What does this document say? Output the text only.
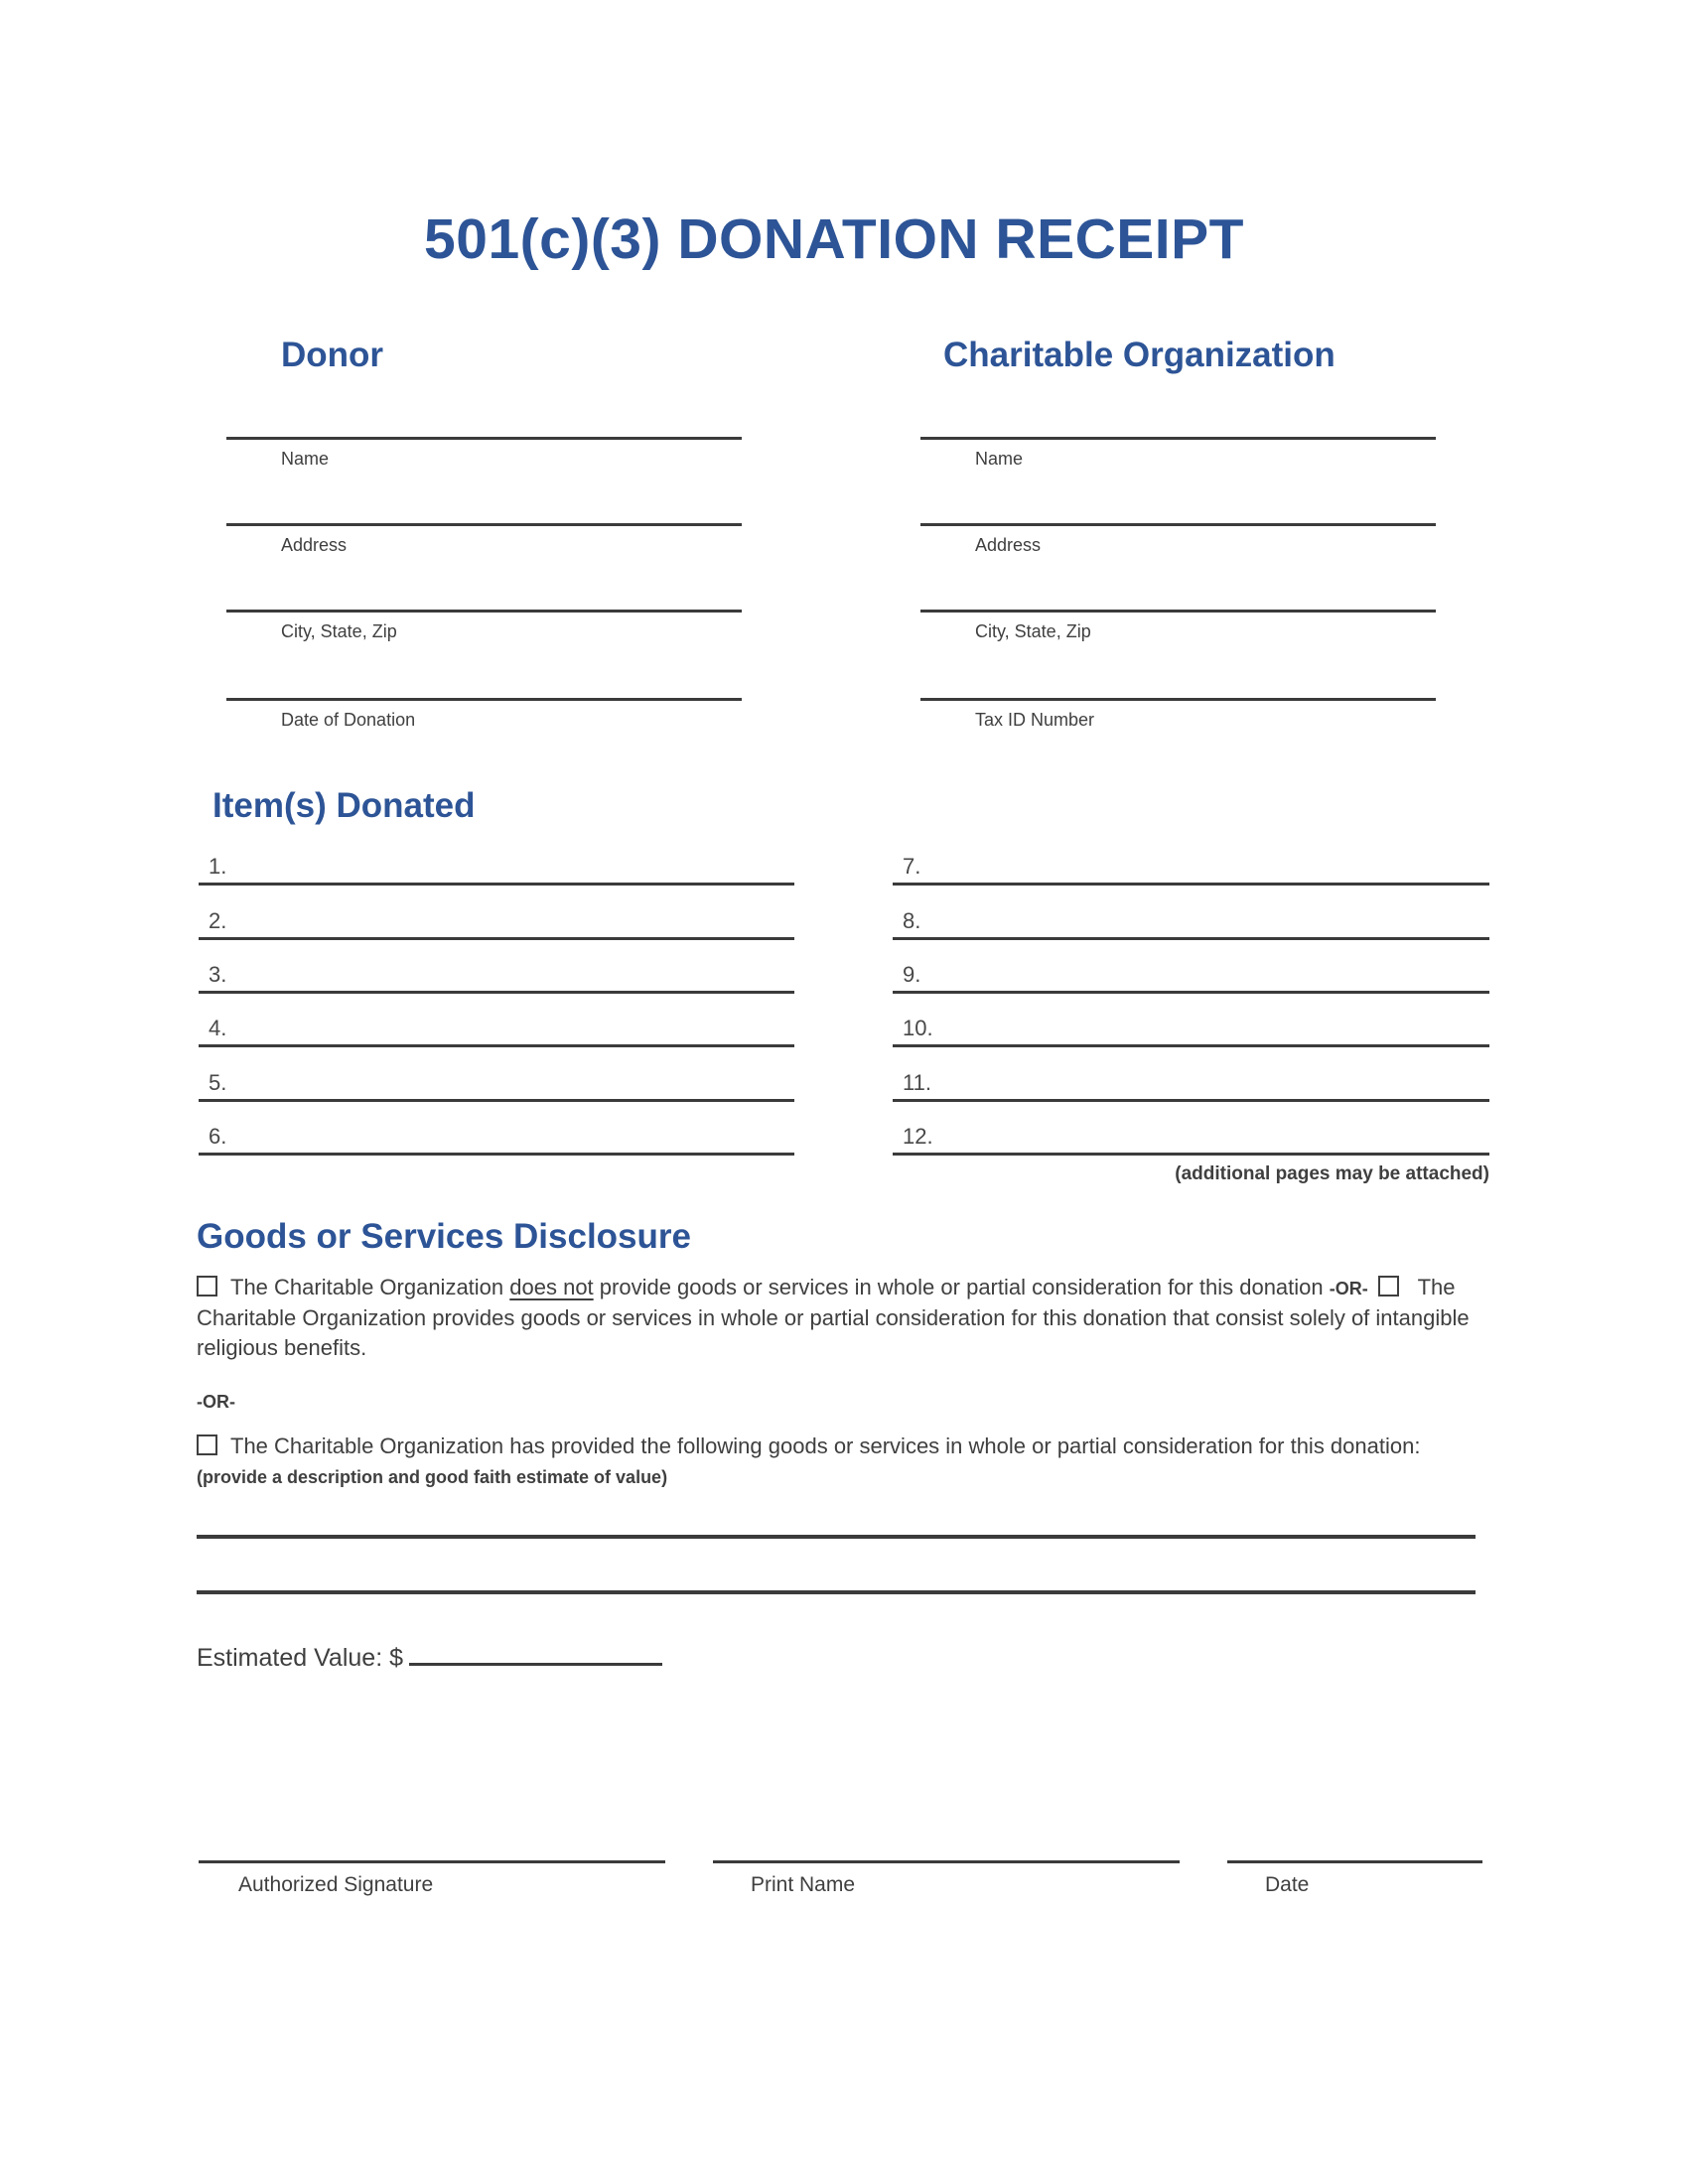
501(c)(3) DONATION RECEIPT
Donor	Charitable Organization
Name
Address
City, State, Zip
Date of Donation
Name
Address
City, State, Zip
Tax ID Number
Item(s) Donated
1.
2.
3.
4.
5.
6.
7.
8.
9.
10.
11.
12.
(additional pages may be attached)
Goods or Services Disclosure
The Charitable Organization does not provide goods or services in whole or partial consideration for this donation -OR-  The Charitable Organization provides goods or services in whole or partial consideration for this donation that consist solely of intangible religious benefits.
-OR-
The Charitable Organization has provided the following goods or services in whole or partial consideration for this donation: (provide a description and good faith estimate of value)
Estimated Value: $
Authorized Signature	Print Name	Date
